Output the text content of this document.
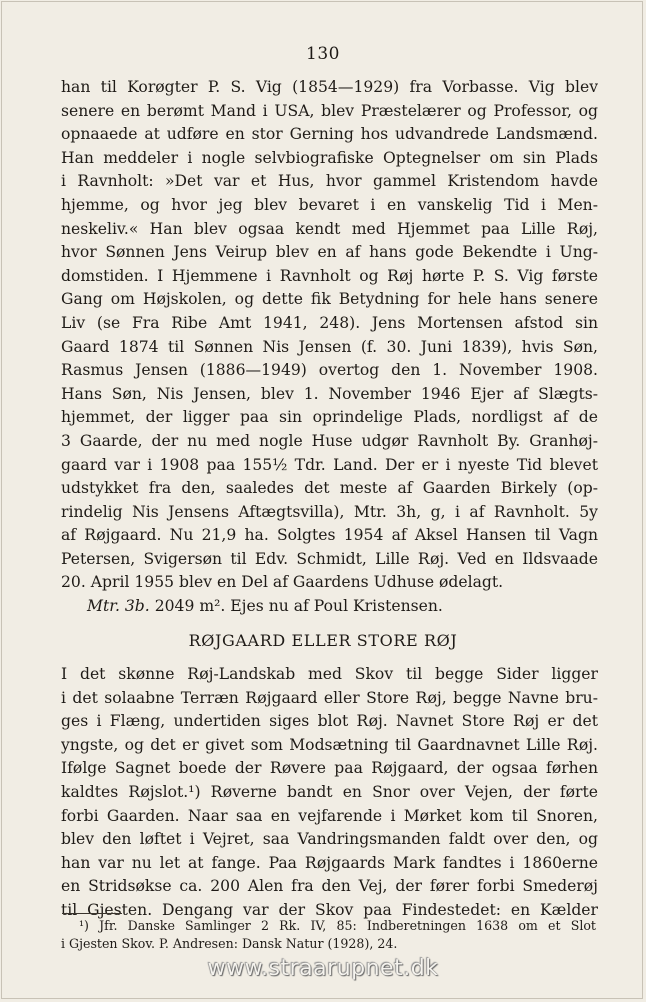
130
han til Korøgter P. S. Vig (1854—1929) fra Vorbasse. Vig blev
senere en berømt Mand i USA, blev Præstelærer og Professor, og
opnaaede at udføre en stor Gerning hos udvandrede Landsmænd.
Han meddeler i nogle selvbiografiske Optegnelser om sin Plads
i Ravnholt: »Det var et Hus, hvor gammel Kristendom havde
hjemme, og hvor jeg blev bevaret i en vanskelig Tid i Men-
neskeliv.« Han blev ogsaa kendt med Hjemmet paa Lille Røj,
hvor Sønnen Jens Veirup blev en af hans gode Bekendte i Ung-
domstiden. I Hjemmene i Ravnholt og Røj hørte P. S. Vig første
Gang om Højskolen, og dette fik Betydning for hele hans senere
Liv (se Fra Ribe Amt 1941, 248). Jens Mortensen afstod sin
Gaard 1874 til Sønnen Nis Jensen (f. 30. Juni 1839), hvis Søn,
Rasmus Jensen (1886—1949) overtog den 1. November 1908.
Hans Søn, Nis Jensen, blev 1. November 1946 Ejer af Slægts-
hjemmet, der ligger paa sin oprindelige Plads, nordligst af de
3 Gaarde, der nu med nogle Huse udgør Ravnholt By. Granhøj-
gaard var i 1908 paa 155½ Tdr. Land. Der er i nyeste Tid blevet
udstykket fra den, saaledes det meste af Gaarden Birkely (op-
rindelig Nis Jensens Aftægtsvilla), Mtr. 3h, g, i af Ravnholt. 5y
af Røjgaard. Nu 21,9 ha. Solgtes 1954 af Aksel Hansen til Vagn
Petersen, Svigersøn til Edv. Schmidt, Lille Røj. Ved en Ildsvaade
20. April 1955 blev en Del af Gaardens Udhuse ødelagt.
Mtr. 3b. 2049 m². Ejes nu af Poul Kristensen.
RØJGAARD ELLER STORE RØJ
I det skønne Røj-Landskab med Skov til begge Sider ligger
i det solaabne Terræn Røjgaard eller Store Røj, begge Navne bru-
ges i Flæng, undertiden siges blot Røj. Navnet Store Røj er det
yngste, og det er givet som Modsætning til Gaardnavnet Lille Røj.
Ifølge Sagnet boede der Røvere paa Røjgaard, der ogsaa førhen
kaldtes Røjslot.¹) Røverne bandt en Snor over Vejen, der førte
forbi Gaarden. Naar saa en vejfarende i Mørket kom til Snoren,
blev den løftet i Vejret, saa Vandringsmanden faldt over den, og
han var nu let at fange. Paa Røjgaards Mark fandtes i 1860erne
en Stridsøkse ca. 200 Alen fra den Vej, der fører forbi Smederøj
til Gjesten. Dengang var der Skov paa Findestedet: en Kælder
¹) Jfr. Danske Samlinger 2 Rk. IV, 85: Indberetningen 1638 om et Slot
i Gjesten Skov. P. Andresen: Dansk Natur (1928), 24.
www.straarupnet.dk
